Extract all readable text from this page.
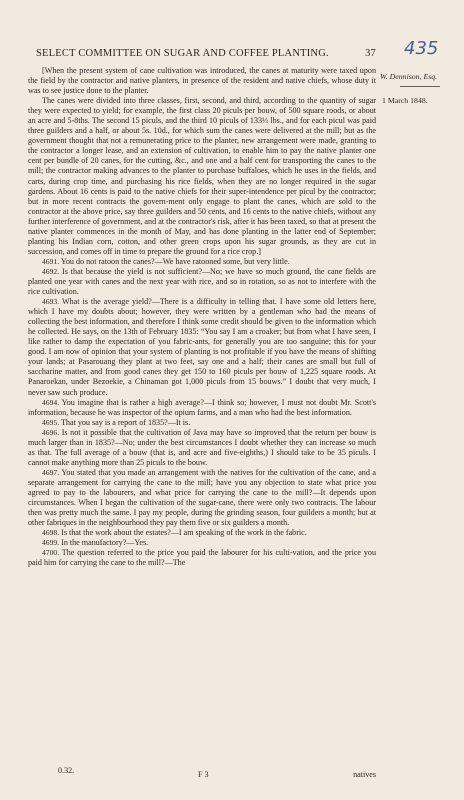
SELECT COMMITTEE ON SUGAR AND COFFEE PLANTING.	37 435
W. Dennison, Esq.
1 March 1848.

[When the present system of cane cultivation was introduced, the canes at maturity were taxed upon the field by the contractor and native planters, in presence of the resident and native chiefs, whose duty it was to see justice done to the planter.

The canes were divided into three classes, first, second, and third, according to the quantity of sugar they were expected to yield; for example, the first class 20 piculs per bouw, of 500 square roods, or about an acre and 5-8ths. The second 15 piculs, and the third 10 piculs of 133⅓ lbs., and for each picul was paid three guilders and a half, or about 5s. 10d., for which sum the canes were delivered at the mill; but as the government thought that not a remunerating price to the planter, new arrangement were made, granting to the contractor a longer lease, and an extension of cultivation, to enable him to pay the native planter one cent per bundle of 20 canes, for the cutting, &c., and one and a half cent for transporting the canes to the mill; the contractor making advances to the planter to purchase buffaloes, which he uses in the fields, and carts, during crop time, and purchasing his rice fields, when they are no longer required in the sugar gardens. About 16 cents is paid to the native chiefs for their super-intendence per picul by the contractor; but in more recent contracts the govern-ment only engage to plant the canes, which are sold to the contractor at the above price, say three guilders and 50 cents, and 16 cents to the native chiefs, without any further interference of government, and at the contractor's risk, after it has been taxed, so that at present the native planter commences in the month of May, and has done planting in the latter end of September; planting his Indian corn, cotton, and other green crops upon his sugar grounds, as they are cut in succession, and comes off in time to prepare the ground for a rice crop.]

4691. You do not ratoon the canes?—We have ratooned some, but very little.

4692. Is that because the yield is not sufficient?—No; we have so much ground, the cane fields are planted one year with canes and the next year with rice, and so in rotation, so as not to interfere with the rice cultivation.

4693. What is the average yield?—There is a difficulty in telling that. I have some old letters here, which I have my doubts about; however, they were written by a gentleman who had the means of collecting the best information, and therefore I think some credit should be given to the information which he collected. He says, on the 13th of February 1835: “You say I am a croaker; but from what I have seen, I like rather to damp the expectation of you fabric-ants, for generally you are too sanguine; this for your good. I am now of opinion that your system of planting is not profitable if you have the means of shifting your lands; at Pasarouang they plant at two feet, say one and a half; their canes are small but full of saccharine matter, and from good canes they get 150 to 160 piculs per bouw of 1,225 square roods. At Panaroekan, under Bezoekie, a Chinaman got 1,000 piculs from 15 bouws.” I doubt that very much, I never saw such produce.

4694. You imagine that is rather a high average?—I think so; however, I must not doubt Mr. Scott's information, because he was inspector of the opium farms, and a man who had the best information.

4695. That you say is a report of 1835?—It is.

4696. Is not it possible that the cultivation of Java may have so improved that the return per bouw is much larger than in 1835?—No; under the best circumstances I doubt whether they can increase so much as that. The full average of a bouw (that is, and acre and five-eighths,) I should take to be 35 piculs. I cannot make anything more than 25 piculs to the bouw.

4697. You stated that you made an arrangement with the natives for the cultivation of the cane, and a separate arrangement for carrying the cane to the mill; have you any objection to state what price you agreed to pay to the labourers, and what price for carrying the cane to the mill?—It depends upon circumstances. When I began the cultivation of the sugar-cane, there were only two contracts. The labour then was pretty much the same. I pay my people, during the grinding season, four guilders a month; but at other fabriques in the neighbourhood they pay them five or six guilders a month.

4698. Is that the work about the estates?—I am speaking of the work in the fabric.

4699. In the manufactory?—Yes.

4700. The question referred to the price you paid the labourer for his culti-vation, and the price you paid him for carrying the cane to the mill?—The

0.32.	F 3	natives
